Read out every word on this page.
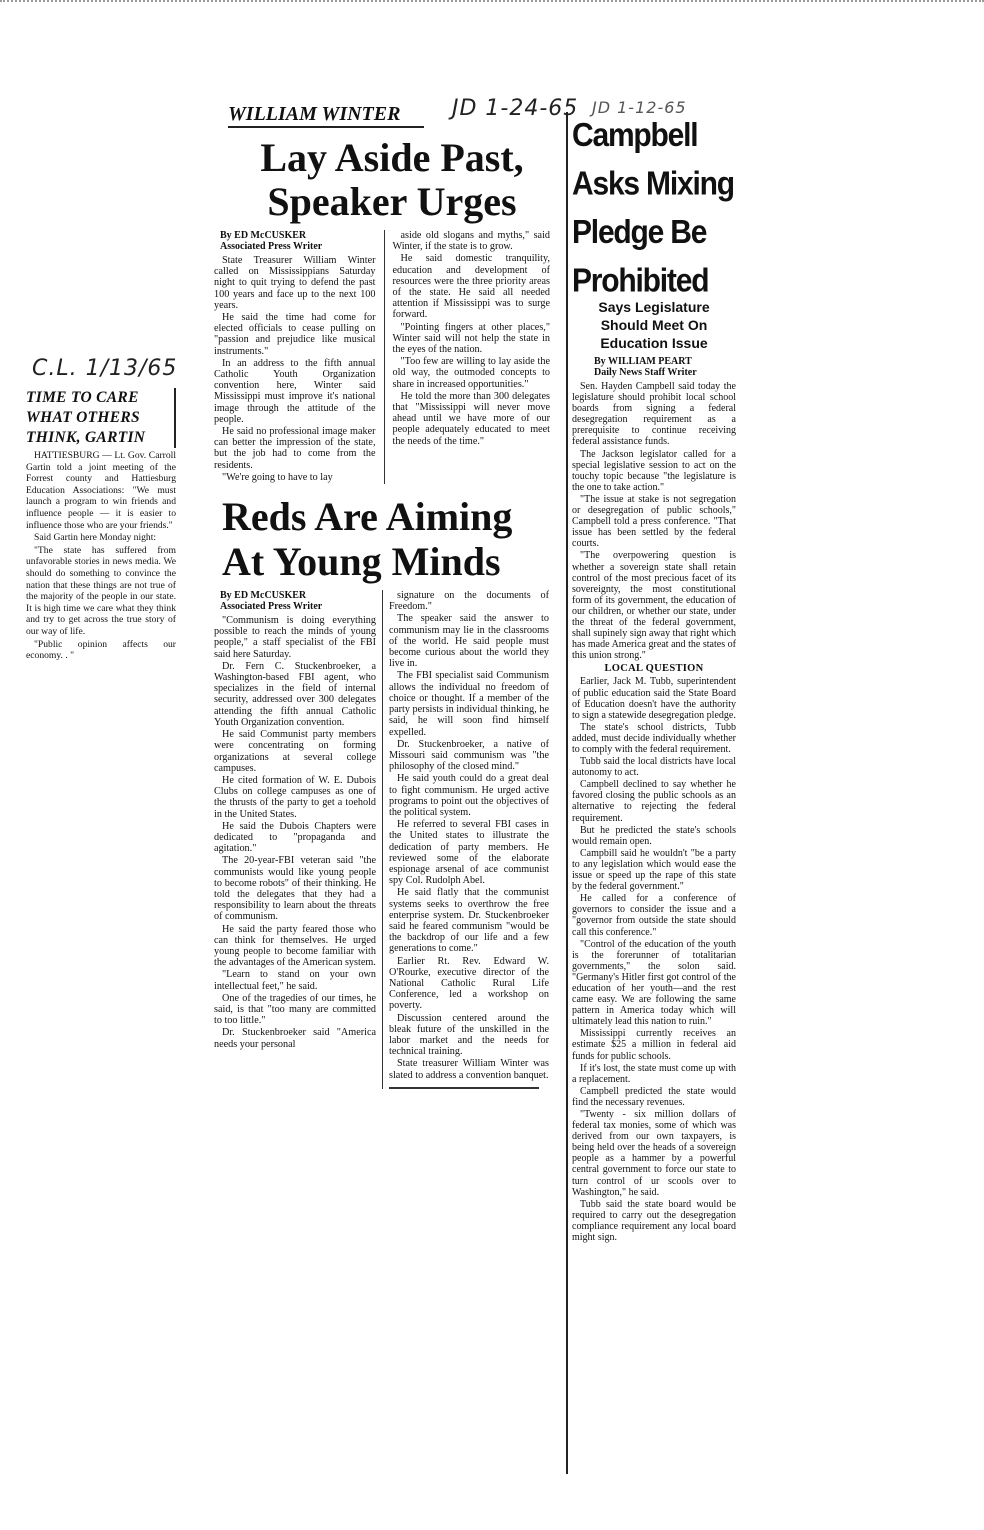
C.L. 1/13/65
JD 1-24-65 JD 1-12-65
TIME TO CARE WHAT OTHERS THINK, GARTIN

HATTIESBURG — Lt. Gov. Carroll Gartin told a joint meeting of the Forrest county and Hattiesburg Education Associations: "We must launch a program to win friends and influence people — it is easier to influence those who are your friends."

Said Gartin here Monday night:

"The state has suffered from unfavorable stories in news media. We should do something to convince the nation that these things are not true of the majority of the people in our state. It is high time we care what they think and try to get across the true story of our way of life.

"Public opinion affects our economy. . "

WILLIAM WINTER
Lay Aside Past, Speaker Urges
By ED McCUSKER
Associated Press Writer

State Treasurer William Winter called on Mississippians Saturday night to quit trying to defend the past 100 years and face up to the next 100 years.

He said the time had come for elected officials to cease pulling on "passion and prejudice like musical instruments."

In an address to the fifth annual Catholic Youth Organization convention here, Winter said Mississippi must improve it's national image through the attitude of the people.

He said no professional image maker can better the impression of the state, but the job had to come from the residents.

"We're going to have to lay

aside old slogans and myths," said Winter, if the state is to grow.

He said domestic tranquility, education and development of resources were the three priority areas of the state. He said all needed attention if Mississippi was to surge forward.

"Pointing fingers at other places," Winter said will not help the state in the eyes of the nation.

"Too few are willing to lay aside the old way, the outmoded concepts to share in increased opportunities."

He told the more than 300 delegates that "Mississippi will never move ahead until we have more of our people adequately educated to meet the needs of the time."

Reds Are Aiming At Young Minds
By ED McCUSKER
Associated Press Writer

"Communism is doing everything possible to reach the minds of young people," a staff specialist of the FBI said here Saturday.

Dr. Fern C. Stuckenbroeker, a Washington-based FBI agent, who specializes in the field of internal security, addressed over 300 delegates attending the fifth annual Catholic Youth Organization convention.

He said Communist party members were concentrating on forming organizations at several college campuses.

He cited formation of W. E. Dubois Clubs on college campuses as one of the thrusts of the party to get a toehold in the United States.

He said the Dubois Chapters were dedicated to "propaganda and agitation."

The 20-year-FBI veteran said "the communists would like young people to become robots" of their thinking. He told the delegates that they had a responsibility to learn about the threats of communism.

He said the party feared those who can think for themselves. He urged young people to become familiar with the advantages of the American system.

"Learn to stand on your own intellectual feet," he said.

One of the tragedies of our times, he said, is that "too many are committed to too little."

Dr. Stuckenbroeker said "America needs your personal

signature on the documents of Freedom."

The speaker said the answer to communism may lie in the classrooms of the world. He said people must become curious about the world they live in.

The FBI specialist said Communism allows the individual no freedom of choice or thought. If a member of the party persists in individual thinking, he said, he will soon find himself expelled.

Dr. Stuckenbroeker, a native of Missouri said communism was "the philosophy of the closed mind."

He said youth could do a great deal to fight communism. He urged active programs to point out the objectives of the political system.

He referred to several FBI cases in the United states to illustrate the dedication of party members. He reviewed some of the elaborate espionage arsenal of ace communist spy Col. Rudolph Abel.

He said flatly that the communist systems seeks to overthrow the free enterprise system. Dr. Stuckenbroeker said he feared communism "would be the backdrop of our life and a few generations to come."

Earlier Rt. Rev. Edward W. O'Rourke, executive director of the National Catholic Rural Life Conference, led a workshop on poverty.

Discussion centered around the bleak future of the unskilled in the labor market and the needs for technical training.

State treasurer William Winter was slated to address a convention banquet.

Campbell Asks Mixing Pledge Be Prohibited
Says Legislature Should Meet On Education Issue
By WILLIAM PEART
Daily News Staff Writer

Sen. Hayden Campbell said today the legislature should prohibit local school boards from signing a federal desegregation requirement as a prerequisite to continue receiving federal assistance funds.

The Jackson legislator called for a special legislative session to act on the touchy topic because "the legislature is the one to take action."

"The issue at stake is not segregation or desegregation of public schools," Campbell told a press conference. "That issue has been settled by the federal courts.

"The overpowering question is whether a sovereign state shall retain control of the most precious facet of its sovereignty, the most constitutional form of its government, the education of our children, or whether our state, under the threat of the federal government, shall supinely sign away that right which has made America great and the states of this union strong."

LOCAL QUESTION

Earlier, Jack M. Tubb, superintendent of public education said the State Board of Education doesn't have the authority to sign a statewide desegregation pledge.

The state's school districts, Tubb added, must decide individually whether to comply with the federal requirement.

Tubb said the local districts have local autonomy to act.

Campbell declined to say whether he favored closing the public schools as an alternative to rejecting the federal requirement.

But he predicted the state's schools would remain open.

Campbill said he wouldn't "be a party to any legislation which would ease the issue or speed up the rape of this state by the federal government."

He called for a conference of governors to consider the issue and a "governor from outside the state should call this conference."

"Control of the education of the youth is the forerunner of totalitarian governments," the solon said. "Germany's Hitler first got control of the education of her youth—and the rest came easy. We are following the same pattern in America today which will ultimately lead this nation to ruin."

Mississippi currently receives an estimate $25 a million in federal aid funds for public schools.

If it's lost, the state must come up with a replacement.

Campbell predicted the state would find the necessary revenues.

"Twenty - six million dollars of federal tax monies, some of which was derived from our own taxpayers, is being held over the heads of a sovereign people as a hammer by a powerful central government to force our state to turn control of ur scools over to Washington," he said.

Tubb said the state board would be required to carry out the desegregation compliance requirement any local board might sign.
